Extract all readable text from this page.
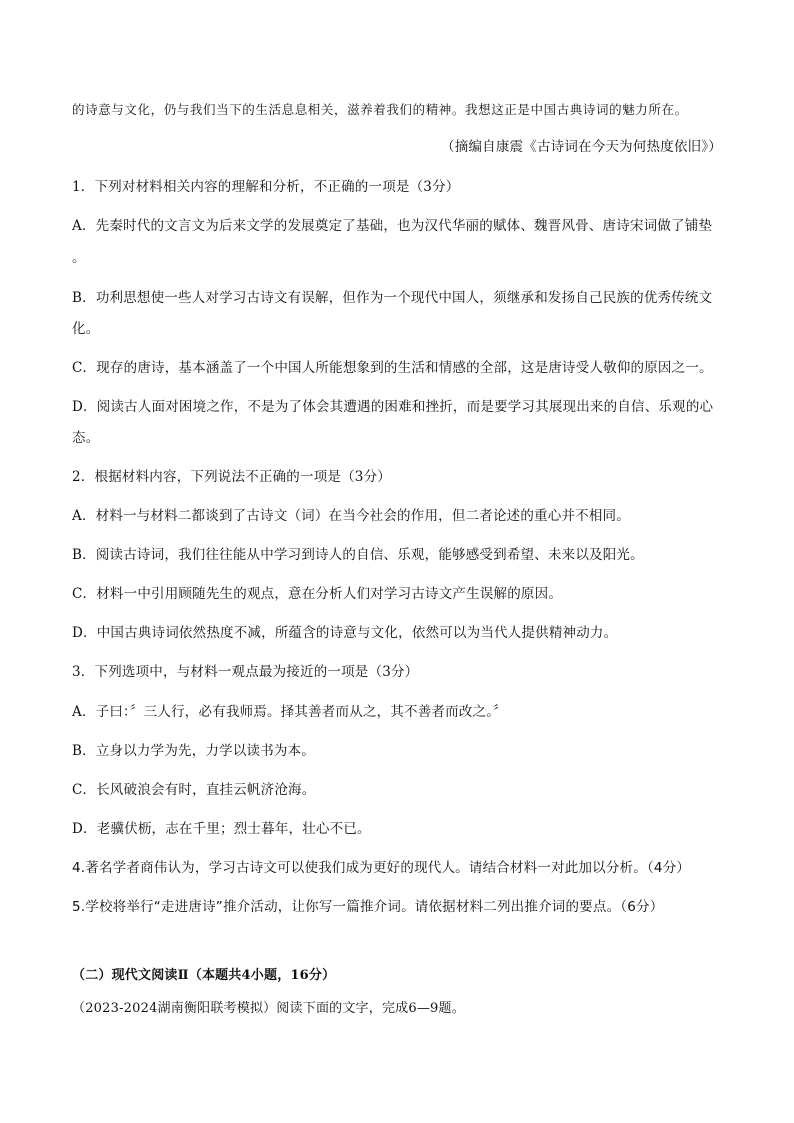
的诗意与文化，仍与我们当下的生活息息相关，滋养着我们的精神。我想这正是中国古典诗词的魅力所在。
（摘编自康震《古诗词在今天为何热度依旧》）
1．下列对材料相关内容的理解和分析，不正确的一项是（3分）
A．先秦时代的文言文为后来文学的发展奠定了基础，也为汉代华丽的赋体、魏晋风骨、唐诗宋词做了铺垫
。
B．功利思想使一些人对学习古诗文有误解，但作为一个现代中国人，须继承和发扬自己民族的优秀传统文
化。
C．现存的唐诗，基本涵盖了一个中国人所能想象到的生活和情感的全部，这是唐诗受人敬仰的原因之一。
D．阅读古人面对困境之作，不是为了体会其遭遇的困难和挫折，而是要学习其展现出来的自信、乐观的心
态。
2．根据材料内容，下列说法不正确的一项是（3分）
A．材料一与材料二都谈到了古诗文（词）在当今社会的作用，但二者论述的重心并不相同。
B．阅读古诗词，我们往往能从中学习到诗人的自信、乐观，能够感受到希望、未来以及阳光。
C．材料一中引用顾随先生的观点，意在分析人们对学习古诗文产生误解的原因。
D．中国古典诗词依然热度不减，所蕴含的诗意与文化，依然可以为当代人提供精神动力。
3．下列选项中，与材料一观点最为接近的一项是（3分）
A．子曰：〞三人行，必有我师焉。择其善者而从之，其不善者而改之。〞
B．立身以力学为先，力学以读书为本。
C．长风破浪会有时，直挂云帆济沧海。
D．老骥伏枥，志在千里；烈士暮年，壮心不已。
4.著名学者商伟认为，学习古诗文可以使我们成为更好的现代人。请结合材料一对此加以分析。（4分）
5.学校将举行“走进唐诗”推介活动，让你写一篇推介词。请依据材料二列出推介词的要点。（6分）
（二）现代文阅读Ⅱ（本题共4小题，16分）
（2023-2024湖南衡阳联考模拟）阅读下面的文字，完成6—9题。
